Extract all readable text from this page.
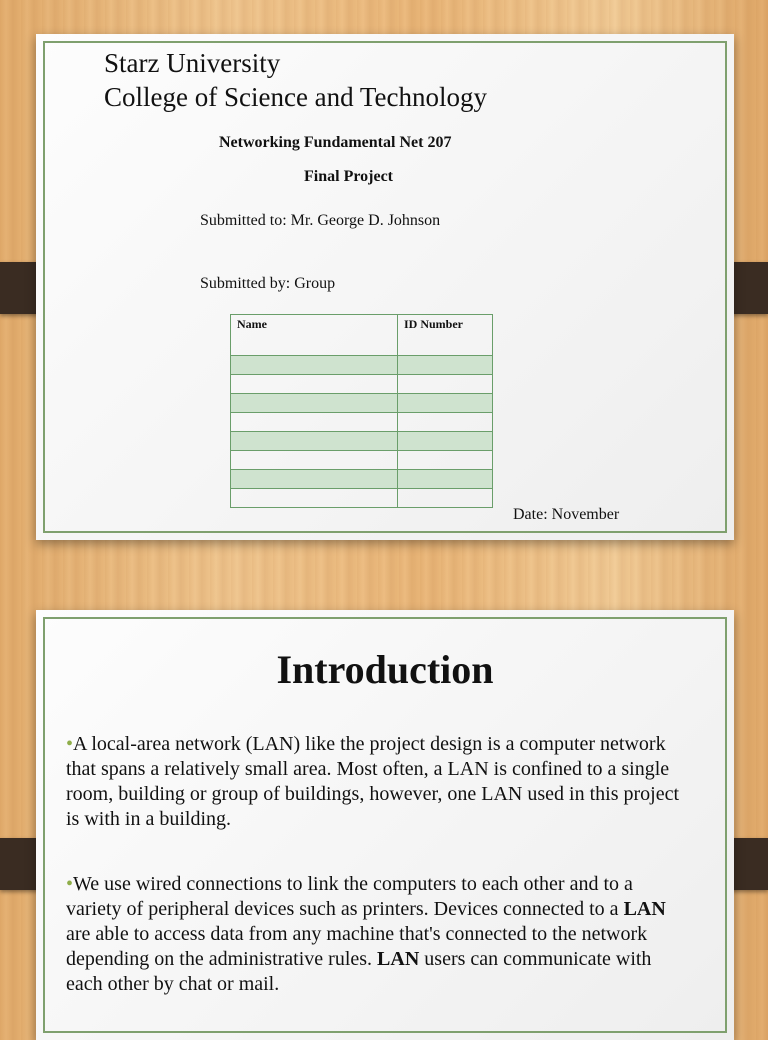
Starz University
College of Science and Technology
Networking Fundamental Net 207
Final Project
Submitted to: Mr. George D. Johnson
Submitted by: Group
Name	ID Number

Date: November
Introduction
•A local-area network (LAN) like the project design is a computer network that spans a relatively small area. Most often, a LAN is confined to a single room, building or group of buildings, however, one LAN used in this project is with in a building.
•We use wired connections to link the computers to each other and to a variety of peripheral devices such as printers. Devices connected to a LAN are able to access data from any machine that's connected to the network depending on the administrative rules. LAN users can communicate with each other by chat or mail.
